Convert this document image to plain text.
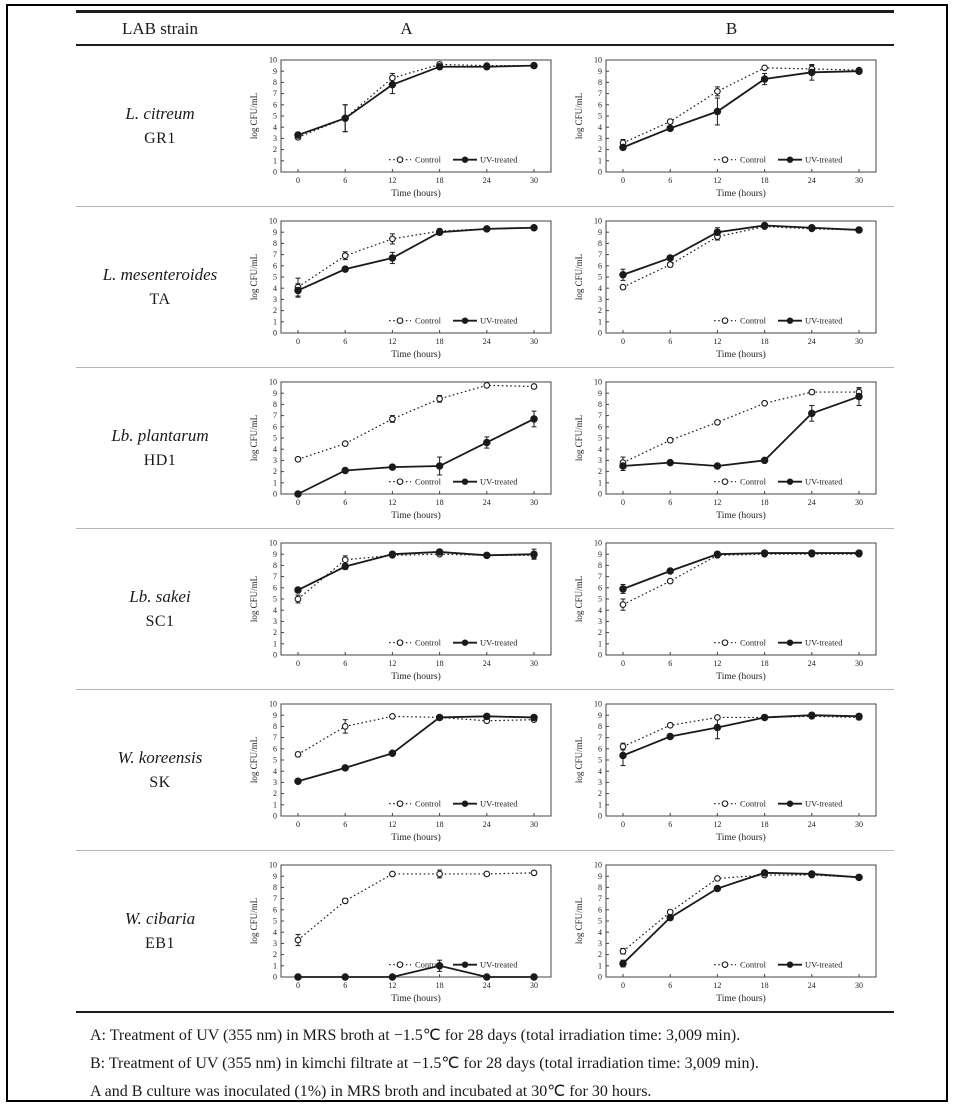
LAB strain	A	B
L. citreum
GR1
0
1
2
3
4
5
6
7
8
9
10
0	6	12	18	24	30
Time (hours)
log CFU/mL
Control	UV-treated
0
1
2
3
4
5
6
7
8
9
10
0	6	12	18	24	30
Time (hours)
log CFU/mL
Control	UV-treated
L. mesenteroides
TA
0
1
2
3
4
5
6
7
8
9
10
0	6	12	18	24	30
Time (hours)
log CFU/mL
Control	UV-treated
0
1
2
3
4
5
6
7
8
9
10
0	6	12	18	24	30
Time (hours)
log CFU/mL
Control	UV-treated
Lb. plantarum
HD1
0
1
2
3
4
5
6
7
8
9
10
0	6	12	18	24	30
Time (hours)
log CFU/mL
Control	UV-treated
0
1
2
3
4
5
6
7
8
9
10
0	6	12	18	24	30
Time (hours)
log CFU/mL
Control	UV-treated
Lb. sakei
SC1
0
1
2
3
4
5
6
7
8
9
10
0	6	12	18	24	30
Time (hours)
log CFU/mL
Control	UV-treated
0
1
2
3
4
5
6
7
8
9
10
0	6	12	18	24	30
Time (hours)
log CFU/mL
Control	UV-treated
W. koreensis
SK
0
1
2
3
4
5
6
7
8
9
10
0	6	12	18	24	30
Time (hours)
log CFU/mL
Control	UV-treated
0
1
2
3
4
5
6
7
8
9
10
0	6	12	18	24	30
Time (hours)
log CFU/mL
Control	UV-treated
W. cibaria
EB1
0
1
2
3
4
5
6
7
8
9
10
0	6	12	18	24	30
Time (hours)
log CFU/mL
Control	UV-treated
0
1
2
3
4
5
6
7
8
9
10
0	6	12	18	24	30
Time (hours)
log CFU/mL
Control	UV-treated
A: Treatment of UV (355 nm) in MRS broth at −1.5℃ for 28 days (total irradiation time: 3,009 min).
B: Treatment of UV (355 nm) in kimchi filtrate at −1.5℃ for 28 days (total irradiation time: 3,009 min).
A and B culture was inoculated (1%) in MRS broth and incubated at 30℃ for 30 hours.
